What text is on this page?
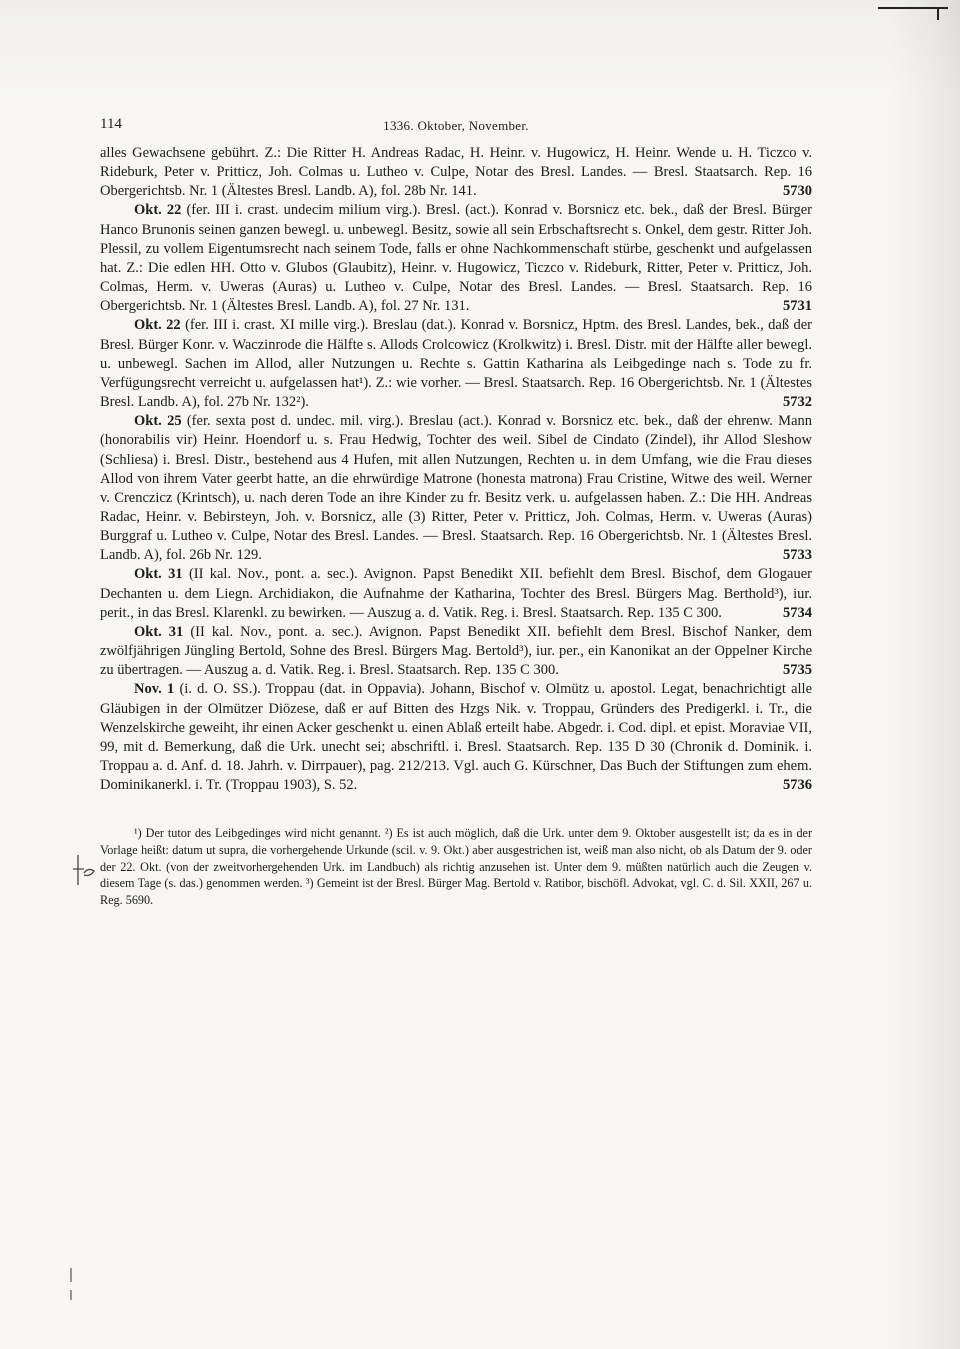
114	1336. Oktober, November.

alles Gewachsene gebührt. Z.: Die Ritter H. Andreas Radac, H. Heinr. v. Hugowicz, H. Heinr. Wende u. H. Ticzco v. Rideburk, Peter v. Pritticz, Joh. Colmas u. Lutheo v. Culpe, Notar des Bresl. Landes. — Bresl. Staatsarch. Rep. 16 Obergerichtsb. Nr. 1 (Ältestes Bresl. Landb. A), fol. 28b Nr. 141.	5730

Okt. 22 (fer. III i. crast. undecim milium virg.). Bresl. (act.). Konrad v. Borsnicz etc. bek., daß der Bresl. Bürger Hanco Brunonis seinen ganzen bewegl. u. unbewegl. Besitz, sowie all sein Erbschaftsrecht s. Onkel, dem gestr. Ritter Joh. Plessil, zu vollem Eigentumsrecht nach seinem Tode, falls er ohne Nachkommenschaft stürbe, geschenkt und aufgelassen hat. Z.: Die edlen HH. Otto v. Glubos (Glaubitz), Heinr. v. Hugowicz, Ticzco v. Rideburk, Ritter, Peter v. Pritticz, Joh. Colmas, Herm. v. Uweras (Auras) u. Lutheo v. Culpe, Notar des Bresl. Landes. — Bresl. Staatsarch. Rep. 16 Obergerichtsb. Nr. 1 (Ältestes Bresl. Landb. A), fol. 27 Nr. 131.	5731

Okt. 22 (fer. III i. crast. XI mille virg.). Breslau (dat.). Konrad v. Borsnicz, Hptm. des Bresl. Landes, bek., daß der Bresl. Bürger Konr. v. Waczinrode die Hälfte s. Allods Crolcowicz (Krolkwitz) i. Bresl. Distr. mit der Hälfte aller bewegl. u. unbewegl. Sachen im Allod, aller Nutzungen u. Rechte s. Gattin Katharina als Leibgedinge nach s. Tode zu fr. Verfügungsrecht verreicht u. aufgelassen hat¹). Z.: wie vorher. — Bresl. Staatsarch. Rep. 16 Obergerichtsb. Nr. 1 (Ältestes Bresl. Landb. A), fol. 27b Nr. 132²).	5732

Okt. 25 (fer. sexta post d. undec. mil. virg.). Breslau (act.). Konrad v. Borsnicz etc. bek., daß der ehrenw. Mann (honorabilis vir) Heinr. Hoendorf u. s. Frau Hedwig, Tochter des weil. Sibel de Cindato (Zindel), ihr Allod Sleshow (Schliesa) i. Bresl. Distr., bestehend aus 4 Hufen, mit allen Nutzungen, Rechten u. in dem Umfang, wie die Frau dieses Allod von ihrem Vater geerbt hatte, an die ehrwürdige Matrone (honesta matrona) Frau Cristine, Witwe des weil. Werner v. Crenczicz (Krintsch), u. nach deren Tode an ihre Kinder zu fr. Besitz verk. u. aufgelassen haben. Z.: Die HH. Andreas Radac, Heinr. v. Bebirsteyn, Joh. v. Borsnicz, alle (3) Ritter, Peter v. Pritticz, Joh. Colmas, Herm. v. Uweras (Auras) Burggraf u. Lutheo v. Culpe, Notar des Bresl. Landes. — Bresl. Staatsarch. Rep. 16 Obergerichtsb. Nr. 1 (Ältestes Bresl. Landb. A), fol. 26b Nr. 129.	5733

Okt. 31 (II kal. Nov., pont. a. sec.). Avignon. Papst Benedikt XII. befiehlt dem Bresl. Bischof, dem Glogauer Dechanten u. dem Liegn. Archidiakon, die Aufnahme der Katharina, Tochter des Bresl. Bürgers Mag. Berthold³), iur. perit., in das Bresl. Klarenkl. zu bewirken. — Auszug a. d. Vatik. Reg. i. Bresl. Staatsarch. Rep. 135 C 300.	5734

Okt. 31 (II kal. Nov., pont. a. sec.). Avignon. Papst Benedikt XII. befiehlt dem Bresl. Bischof Nanker, dem zwölfjährigen Jüngling Bertold, Sohne des Bresl. Bürgers Mag. Bertold³), iur. per., ein Kanonikat an der Oppelner Kirche zu übertragen. — Auszug a. d. Vatik. Reg. i. Bresl. Staatsarch. Rep. 135 C 300.	5735

Nov. 1 (i. d. O. SS.). Troppau (dat. in Oppavia). Johann, Bischof v. Olmütz u. apostol. Legat, benachrichtigt alle Gläubigen in der Olmützer Diözese, daß er auf Bitten des Hzgs Nik. v. Troppau, Gründers des Predigerkl. i. Tr., die Wenzelskirche geweiht, ihr einen Acker geschenkt u. einen Ablaß erteilt habe. Abgedr. i. Cod. dipl. et epist. Moraviae VII, 99, mit d. Bemerkung, daß die Urk. unecht sei; abschriftl. i. Bresl. Staatsarch. Rep. 135 D 30 (Chronik d. Dominik. i. Troppau a. d. Anf. d. 18. Jahrh. v. Dirrpauer), pag. 212/213. Vgl. auch G. Kürschner, Das Buch der Stiftungen zum ehem. Dominikanerkl. i. Tr. (Troppau 1903), S. 52.	5736

¹) Der tutor des Leibgedinges wird nicht genannt. ²) Es ist auch möglich, daß die Urk. unter dem 9. Oktober ausgestellt ist; da es in der Vorlage heißt: datum ut supra, die vorhergehende Urkunde (scil. v. 9. Okt.) aber ausgestrichen ist, weiß man also nicht, ob als Datum der 9. oder der 22. Okt. (von der zweitvorhergehenden Urk. im Landbuch) als richtig anzusehen ist. Unter dem 9. müßten natürlich auch die Zeugen v. diesem Tage (s. das.) genommen werden. ³) Gemeint ist der Bresl. Bürger Mag. Bertold v. Ratibor, bischöfl. Advokat, vgl. C. d. Sil. XXII, 267 u. Reg. 5690.
